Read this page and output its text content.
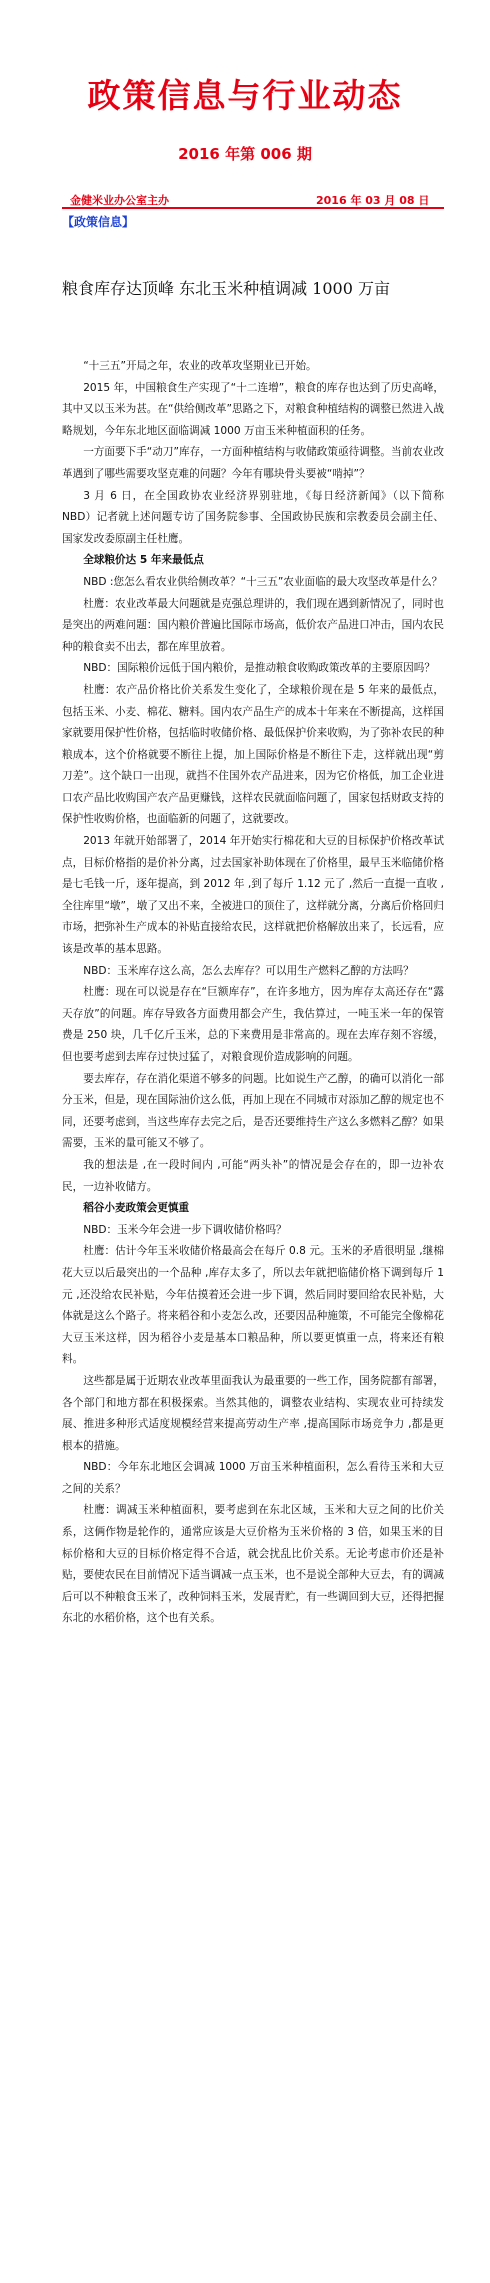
政策信息与行业动态
2016 年第 006 期
金健米业办公室主办	2016 年 03 月 08 日
【政策信息】
粮食库存达顶峰 东北玉米种植调减 1000 万亩

“十三五”开局之年，农业的改革攻坚期业已开始。

2015 年，中国粮食生产实现了“十二连增”，粮食的库存也达到了历史高峰，其中又以玉米为甚。在“供给侧改革”思路之下，对粮食种植结构的调整已然进入战略规划，今年东北地区面临调减 1000 万亩玉米种植面积的任务。

一方面要下手“动刀”库存，一方面种植结构与收储政策亟待调整。当前农业改革遇到了哪些需要攻坚克难的问题？今年有哪块骨头要被“啃掉”？

3 月 6 日，在全国政协农业经济界别驻地，《每日经济新闻》（以下简称 NBD）记者就上述问题专访了国务院参事、全国政协民族和宗教委员会副主任、国家发改委原副主任杜鹰。

全球粮价达 5 年来最低点

NBD :您怎么看农业供给侧改革？“十三五”农业面临的最大攻坚改革是什么？

杜鹰：农业改革最大问题就是克强总理讲的，我们现在遇到新情况了，同时也是突出的两难问题：国内粮价普遍比国际市场高，低价农产品进口冲击，国内农民种的粮食卖不出去，都在库里放着。

NBD：国际粮价远低于国内粮价，是推动粮食收购政策改革的主要原因吗？

杜鹰：农产品价格比价关系发生变化了，全球粮价现在是 5 年来的最低点，包括玉米、小麦、棉花、糖料。国内农产品生产的成本十年来在不断提高，这样国家就要用保护性价格，包括临时收储价格、最低保护价来收购，为了弥补农民的种粮成本，这个价格就要不断往上提，加上国际价格是不断往下走，这样就出现“剪刀差”。这个缺口一出现，就挡不住国外农产品进来，因为它价格低，加工企业进口农产品比收购国产农产品更赚钱，这样农民就面临问题了，国家包括财政支持的保护性收购价格，也面临新的问题了，这就要改。

2013 年就开始部署了，2014 年开始实行棉花和大豆的目标保护价格改革试点，目标价格指的是价补分离，过去国家补助体现在了价格里，最早玉米临储价格是七毛钱一斤，逐年提高，到 2012 年 ,到了每斤 1.12 元了 ,然后一直提一直收 ,全往库里“墩”，墩了又出不来，全被进口的顶住了，这样就分离，分离后价格回归市场，把弥补生产成本的补贴直接给农民，这样就把价格解放出来了，长远看，应该是改革的基本思路。

NBD：玉米库存这么高，怎么去库存？可以用生产燃料乙醇的方法吗？

杜鹰：现在可以说是存在“巨额库存”，在许多地方，因为库存太高还存在“露天存放”的问题。库存导致各方面费用都会产生，我估算过，一吨玉米一年的保管费是 250 块，几千亿斤玉米，总的下来费用是非常高的。现在去库存刻不容缓，但也要考虑到去库存过快过猛了，对粮食现价造成影响的问题。

要去库存，存在消化渠道不够多的问题。比如说生产乙醇，的确可以消化一部分玉米，但是，现在国际油价这么低，再加上现在不同城市对添加乙醇的规定也不同，还要考虑到，当这些库存去完之后，是否还要维持生产这么多燃料乙醇？如果需要，玉米的量可能又不够了。

我的想法是 ,在一段时间内 ,可能“两头补”的情况是会存在的，即一边补农民，一边补收储方。

稻谷小麦政策会更慎重

NBD：玉米今年会进一步下调收储价格吗？

杜鹰：估计今年玉米收储价格最高会在每斤 0.8 元。玉米的矛盾很明显 ,继棉花大豆以后最突出的一个品种 ,库存太多了，所以去年就把临储价格下调到每斤 1 元 ,还没给农民补贴，今年估摸着还会进一步下调，然后同时要回给农民补贴，大体就是这么个路子。将来稻谷和小麦怎么改，还要因品种施策，不可能完全像棉花大豆玉米这样，因为稻谷小麦是基本口粮品种，所以要更慎重一点，将来还有粮料。

这些都是属于近期农业改革里面我认为最重要的一些工作，国务院都有部署，各个部门和地方都在积极探索。当然其他的，调整农业结构、实现农业可持续发展、推进多种形式适度规模经营来提高劳动生产率 ,提高国际市场竞争力 ,都是更根本的措施。

NBD：今年东北地区会调减 1000 万亩玉米种植面积，怎么看待玉米和大豆之间的关系？

杜鹰：调减玉米种植面积，要考虑到在东北区域，玉米和大豆之间的比价关系，这俩作物是轮作的，通常应该是大豆价格为玉米价格的 3 倍，如果玉米的目标价格和大豆的目标价格定得不合适，就会扰乱比价关系。无论考虑市价还是补贴，要使农民在目前情况下适当调减一点玉米，也不是说全部种大豆去，有的调减后可以不种粮食玉米了，改种饲料玉米，发展青贮，有一些调回到大豆，还得把握东北的水稻价格，这个也有关系。
